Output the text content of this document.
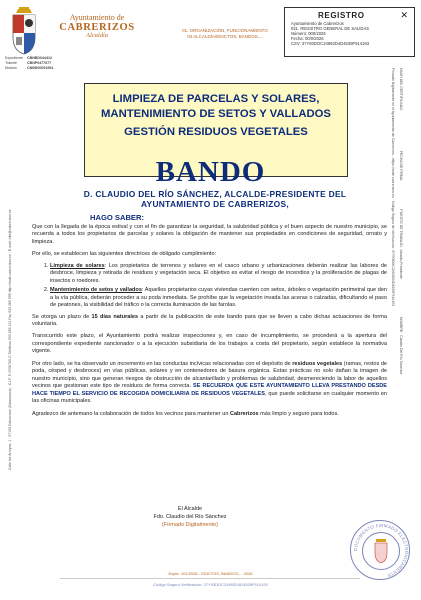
Ayuntamiento de
CABRERIZOS
Alcaldía
Expediente CBNBD044412
Trámite	CBNP0477077
Módulo	CNBD00091591
01. ORGANIZACIÓN, FUNCIONAMIENTO
04 ALCALDÍA/EDICTOS, BANDOS,...
REGISTRO	✕
Ayuntamiento de Cabrerizos
021. REGISTRO GENERAL DE SALIDAS
Número: 000/2026
Fecha: 00/0/2026
CSV: 37Y93DOC24692D4D4539F914193
Calle los Arroyos, 1 · 37193 Cabrerizos (Salamanca) · C.I.F. P-3706700-C Teléfono 923 289 101 Fax 923 289 595 http://sede.cabrerizos.es · E-mail: info@cabrerizos.es
LIMPIEZA DE PARCELAS Y SOLARES,
MANTENIMIENTO DE SETOS Y VALLADOS
GESTIÓN RESIDUOS VEGETALES
BANDO
D. CLAUDIO DEL RÍO SÁNCHEZ, ALCALDE-PRESIDENTE DEL AYUNTAMIENTO DE CABRERIZOS,
HAGO SABER:

Que con la llegada de la época estival y con el fin de garantizar la seguridad, la salubridad pública y el buen aspecto de nuestro municipio, se recuerda a todos los propietarios de parcelas y solares la obligación de mantener sus propiedades en condiciones de seguridad, ornato y limpieza.

Por ello, se establecen las siguientes directrices de obligado cumplimiento:

1. Limpieza de solares: Los propietarios de terrenos y solares en el casco urbano y urbanizaciones deberán realizar las labores de desbroce, limpieza y retirada de residuos y vegetación seca. El objetivo es evitar el riesgo de incendios y la proliferación de plagas de insectos o roedores.
2. Mantenimiento de setos y vallados: Aquellos propietarios cuyas viviendas cuenten con setos, árboles o vegetación perimetral que den a la vía pública, deberán proceder a su poda inmediata. Se prohíbe que la vegetación invada las aceras o calzadas, dificultando el paso de peatones, la visibilidad del tráfico o la correcta iluminación de las farolas.

Se otorga un plazo de 15 días naturales a partir de la publicación de este bando para que se lleven a cabo dichas actuaciones de forma voluntaria.

Transcurrido este plazo, el Ayuntamiento podrá realizar inspecciones y, en caso de incumplimiento, se procederá a la apertura del correspondiente expediente sancionador o a la ejecución subsidiaria de los trabajos a costa del propietario, según establece la normativa vigente.

Por otro lado, se ha observado un incremento en las conductas incívicas relacionadas con el depósito de residuos vegetales (ramas, restos de poda, césped y desbroces) en vías públicas, solares y en contenedores de basura orgánica. Estas prácticas no solo dañan la imagen de nuestro municipio, sino que generan riesgos de obstrucción de alcantarillado y problemas de salubridad, desmereciendo la labor de aquellos vecinos que gestionan este tipo de residuos de forma correcta. SE RECUERDA QUE ESTE AYUNTAMIENTO LLEVA PRESTANDO DESDE HACE TIEMPO EL SERVICIO DE RECOGIDA DOMICILIARIA DE RESIDUOS VEGETALES, que puede solicitarse en cualquier momento en las oficinas municipales.

Agradezco de antemano la colaboración de todos los vecinos para mantener un Cabrerizos más limpio y seguro para todos.

El Alcalde
Fdo. Claudio del Río Sánchez
(Firmado Digitalmente)
HASH DEL CERTIFICADO:                                         FECHA DE FIRMA:                             PUESTO DE TRABAJO:  Alcalde-Presidente                                       NOMBRE:  Claudio Del Río Sánchez
Firmado Digitalmente en el Ayuntamiento de Cabrerizos - https://sede.cabrerizos.es · Código Seguro de Verificación: 37Y93DOC24692D4D4539F914193
DOCUMENTO FIRMADO ELECTRÓNICAMENTE
Expte. 101/2026 - EDICTOS, BANDOS,... 2026
Código Seguro Verificación: 37Y93DOC24692D4D4539F914193
